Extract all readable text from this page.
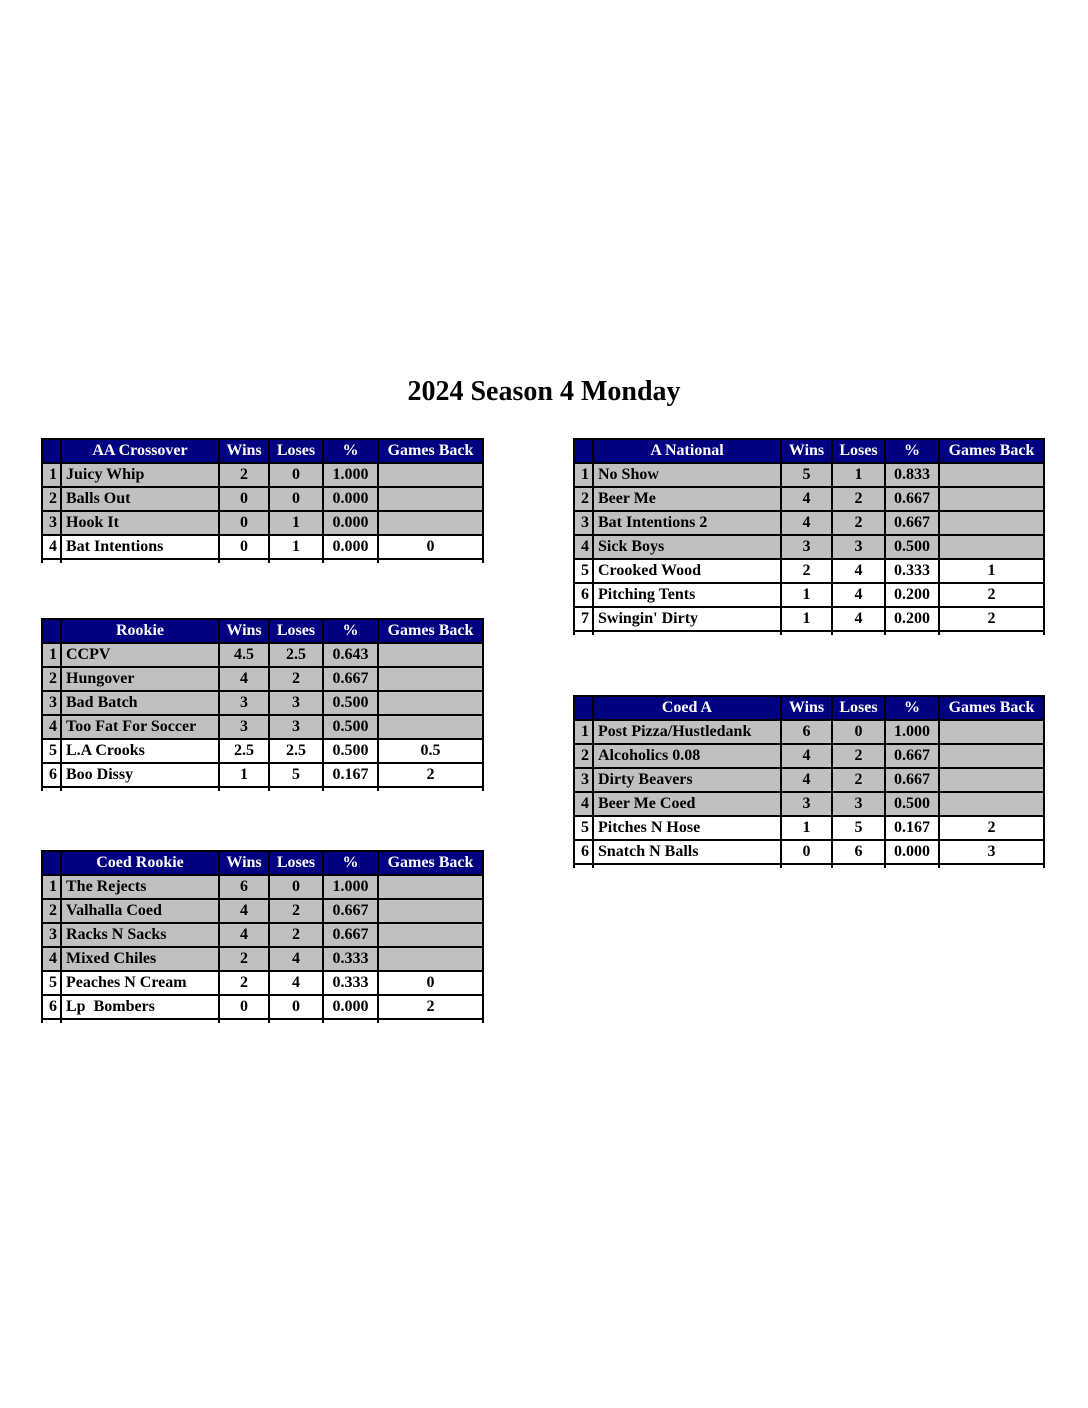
2024 Season 4 Monday
	AA Crossover	Wins	Loses	%	Games Back
1	Juicy Whip	2	0	1.000	
2	Balls Out	0	0	0.000	
3	Hook It	0	1	0.000	
4	Bat Intentions	0	1	0.000	0

	A National	Wins	Loses	%	Games Back
1	No Show	5	1	0.833	
2	Beer Me	4	2	0.667	
3	Bat Intentions 2	4	2	0.667	
4	Sick Boys	3	3	0.500	
5	Crooked Wood	2	4	0.333	1
6	Pitching Tents	1	4	0.200	2
7	Swingin' Dirty	1	4	0.200	2

	Rookie	Wins	Loses	%	Games Back
1	CCPV	4.5	2.5	0.643	
2	Hungover	4	2	0.667	
3	Bad Batch	3	3	0.500	
4	Too Fat For Soccer	3	3	0.500	
5	L.A Crooks	2.5	2.5	0.500	0.5
6	Boo Dissy	1	5	0.167	2

	Coed A	Wins	Loses	%	Games Back
1	Post Pizza/Hustledank	6	0	1.000	
2	Alcoholics 0.08	4	2	0.667	
3	Dirty Beavers	4	2	0.667	
4	Beer Me Coed	3	3	0.500	
5	Pitches N Hose	1	5	0.167	2
6	Snatch N Balls	0	6	0.000	3

	Coed Rookie	Wins	Loses	%	Games Back
1	The Rejects	6	0	1.000	
2	Valhalla Coed	4	2	0.667	
3	Racks N Sacks	4	2	0.667	
4	Mixed Chiles	2	4	0.333	
5	Peaches N Cream	2	4	0.333	0
6	Lp  Bombers	0	0	0.000	2
